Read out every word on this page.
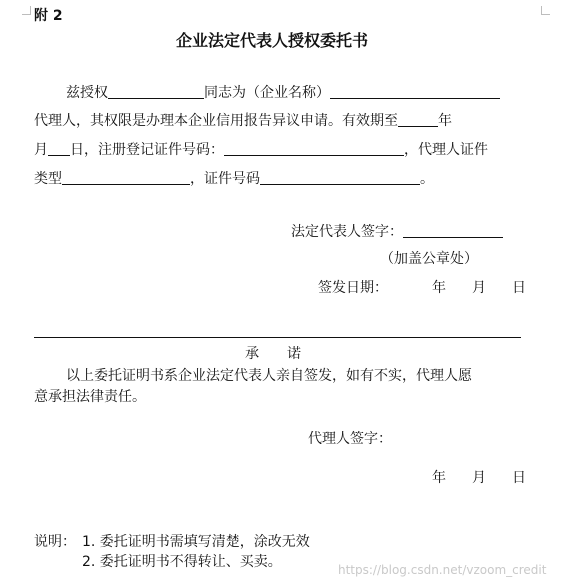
附 2
企业法定代表人授权委托书
兹授权	同志为（企业名称）
代理人，其权限是办理本企业信用报告异议申请。有效期至	年
月 日，注册登记证件号码：	，代理人证件
类型	，证件号码	。
法定代表人签字：
（加盖公章处）
签发日期：	年 月 日
承　　诺
以上委托证明书系企业法定代表人亲自签发，如有不实，代理人愿
意承担法律责任。
代理人签字：
年 月 日
说明： 1. 委托证明书需填写清楚，涂改无效
2. 委托证明书不得转让、买卖。	https://blog.csdn.net/vzoom_credit
